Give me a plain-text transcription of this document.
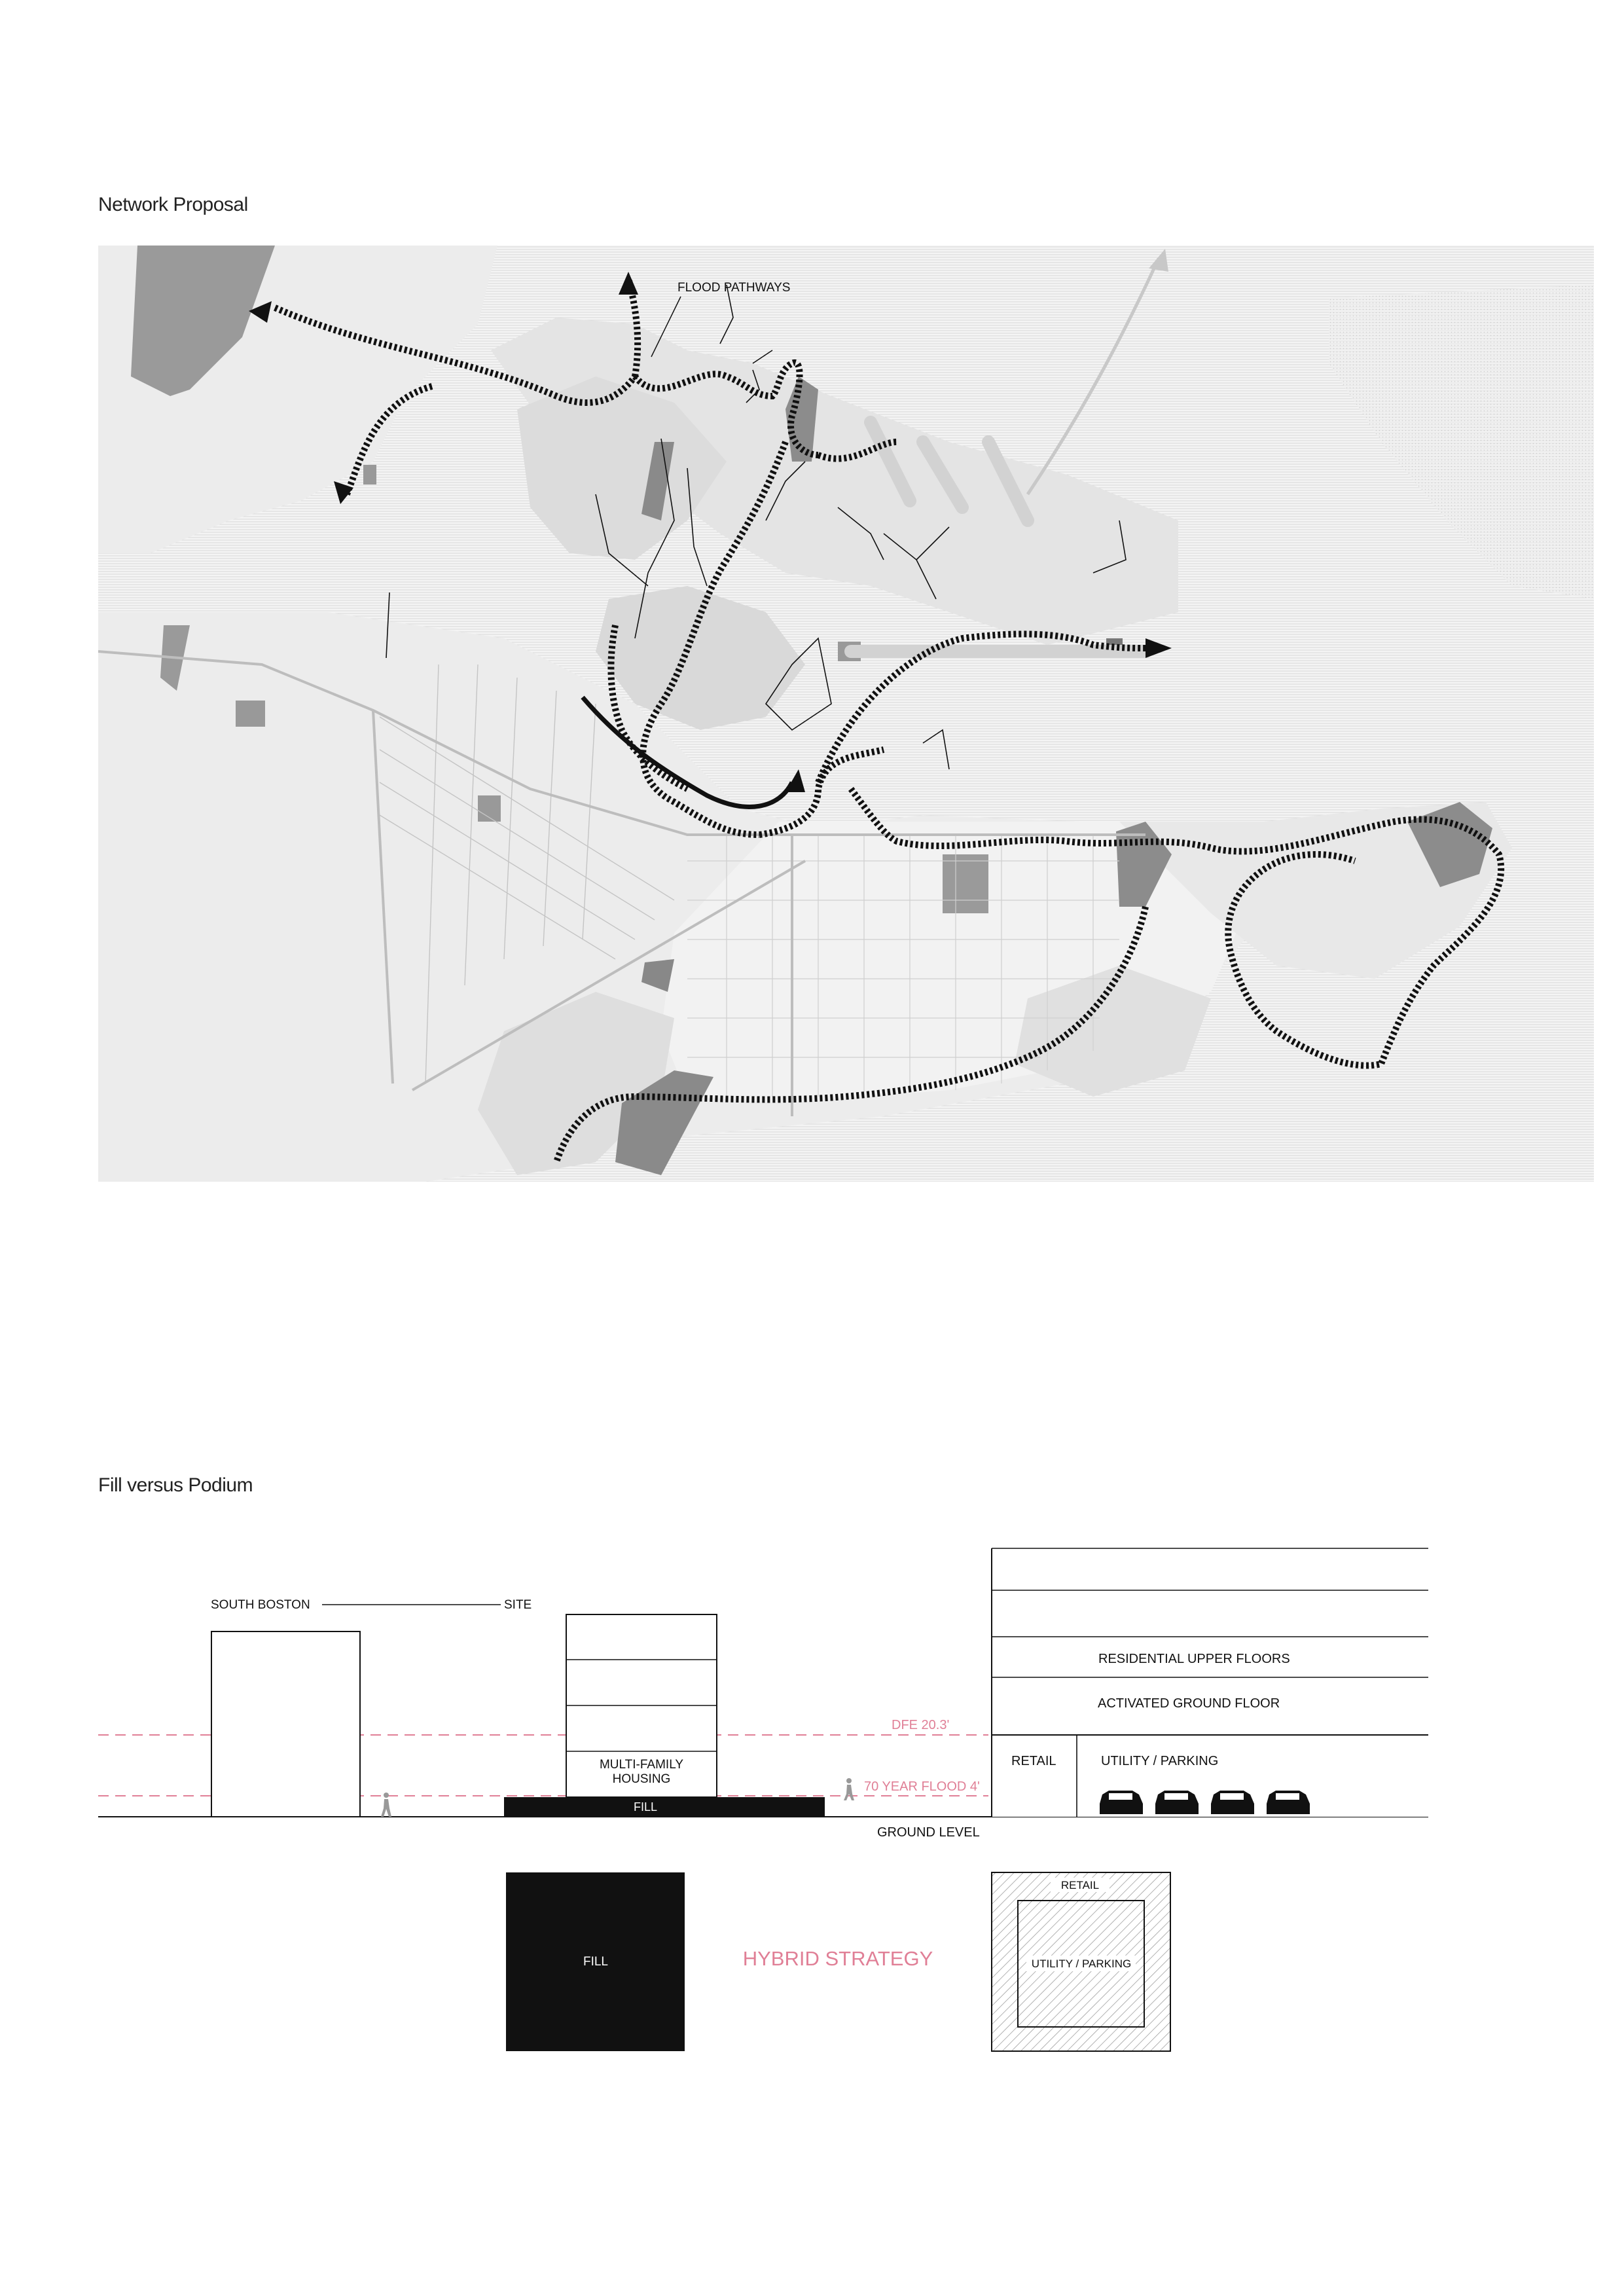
Network Proposal
FLOOD PATHWAYS
Fill versus Podium
DFE 20.3'
70 YEAR FLOOD 4'
GROUND LEVEL
SOUTH BOSTON	SITE
MULTI-FAMILY
HOUSING
FILL
RESIDENTIAL UPPER FLOORS
ACTIVATED GROUND FLOOR
RETAIL	UTILITY / PARKING
FILL	HYBRID STRATEGY
RETAIL
UTILITY / PARKING
